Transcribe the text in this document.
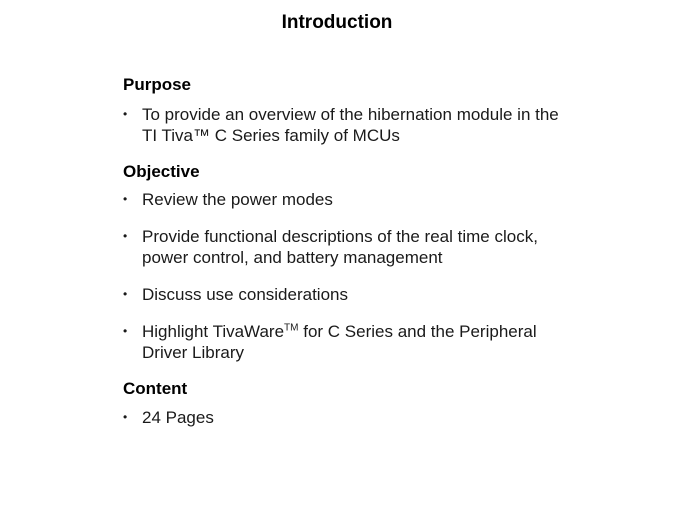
Introduction
Purpose
• To provide an overview of the hibernation module in the TI Tiva™ C Series family of MCUs
Objective
• Review the power modes
• Provide functional descriptions of the real time clock, power control, and battery management
• Discuss use considerations
• Highlight TivaWare™ for C Series and the Peripheral Driver Library
Content
• 24 Pages
